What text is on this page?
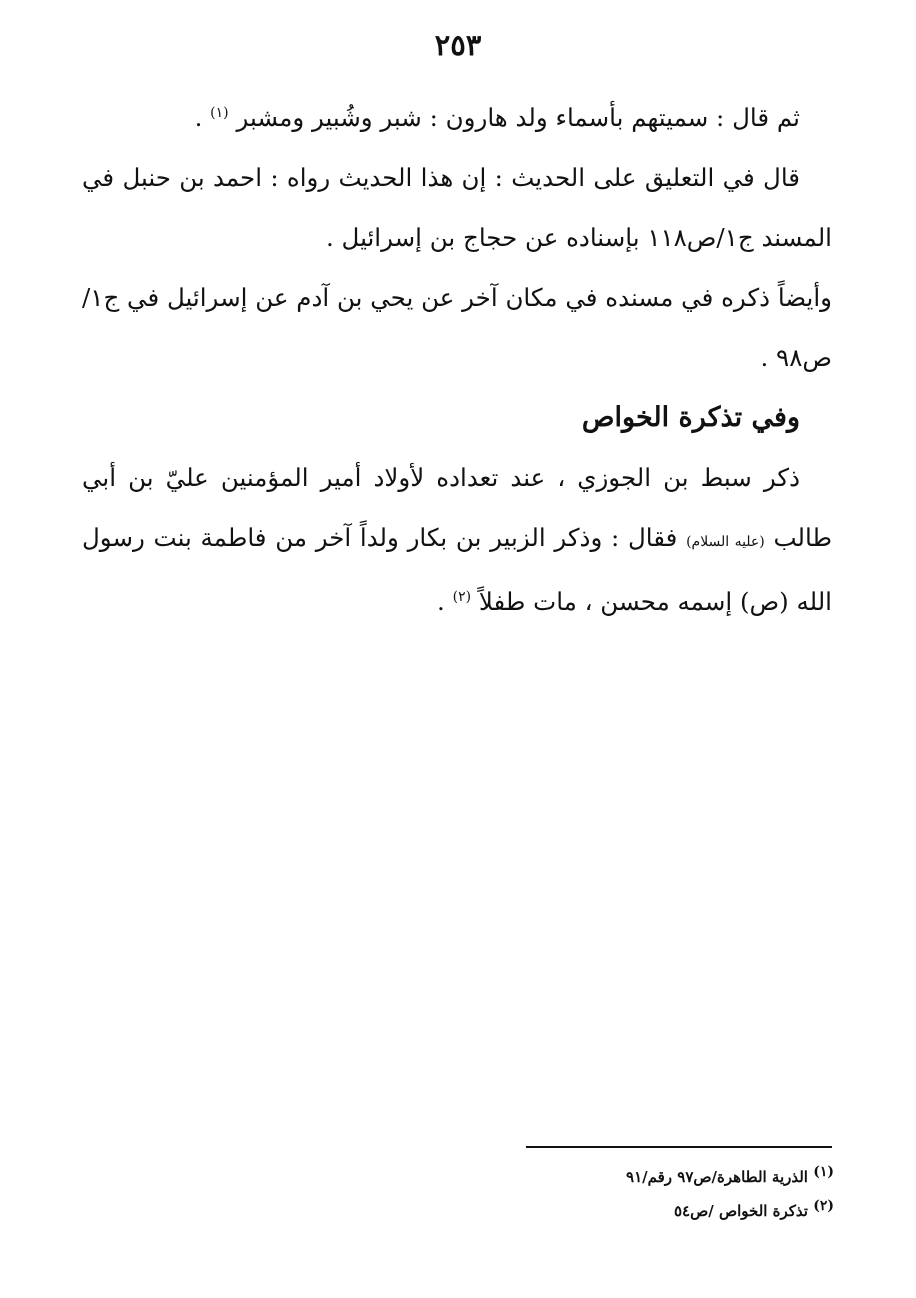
٢٥٣

ثم قال : سميتهم بأسماء ولد هارون : شبر وشُبير ومشبر $^{(١)}$ .

قال في التعليق على الحديث : إن هذا الحديث رواه : احمد بن حنبل في المسند ج١/ص١١٨ بإسناده عن حجاج بن إسرائيل .

وأيضاً ذكره في مسنده في مكان آخر عن يحي بن آدم عن إسرائيل في ج١/ص٩٨ .

وفي تذكرة الخواص

ذكر سبط بن الجوزي ، عند تعداده لأولاد أمير المؤمنين عليّ بن أبي طالب (عليه السلام) فقال : وذكر الزبير بن بكار ولداً آخر من فاطمة بنت رسول الله (ص) إسمه محسن ، مات طفلاً $^{(٢)}$ .

$^{(١)}$ الذرية الطاهرة/ص٩٧ رقم/٩١

$^{(٢)}$ تذكرة الخواص /ص٥٤
